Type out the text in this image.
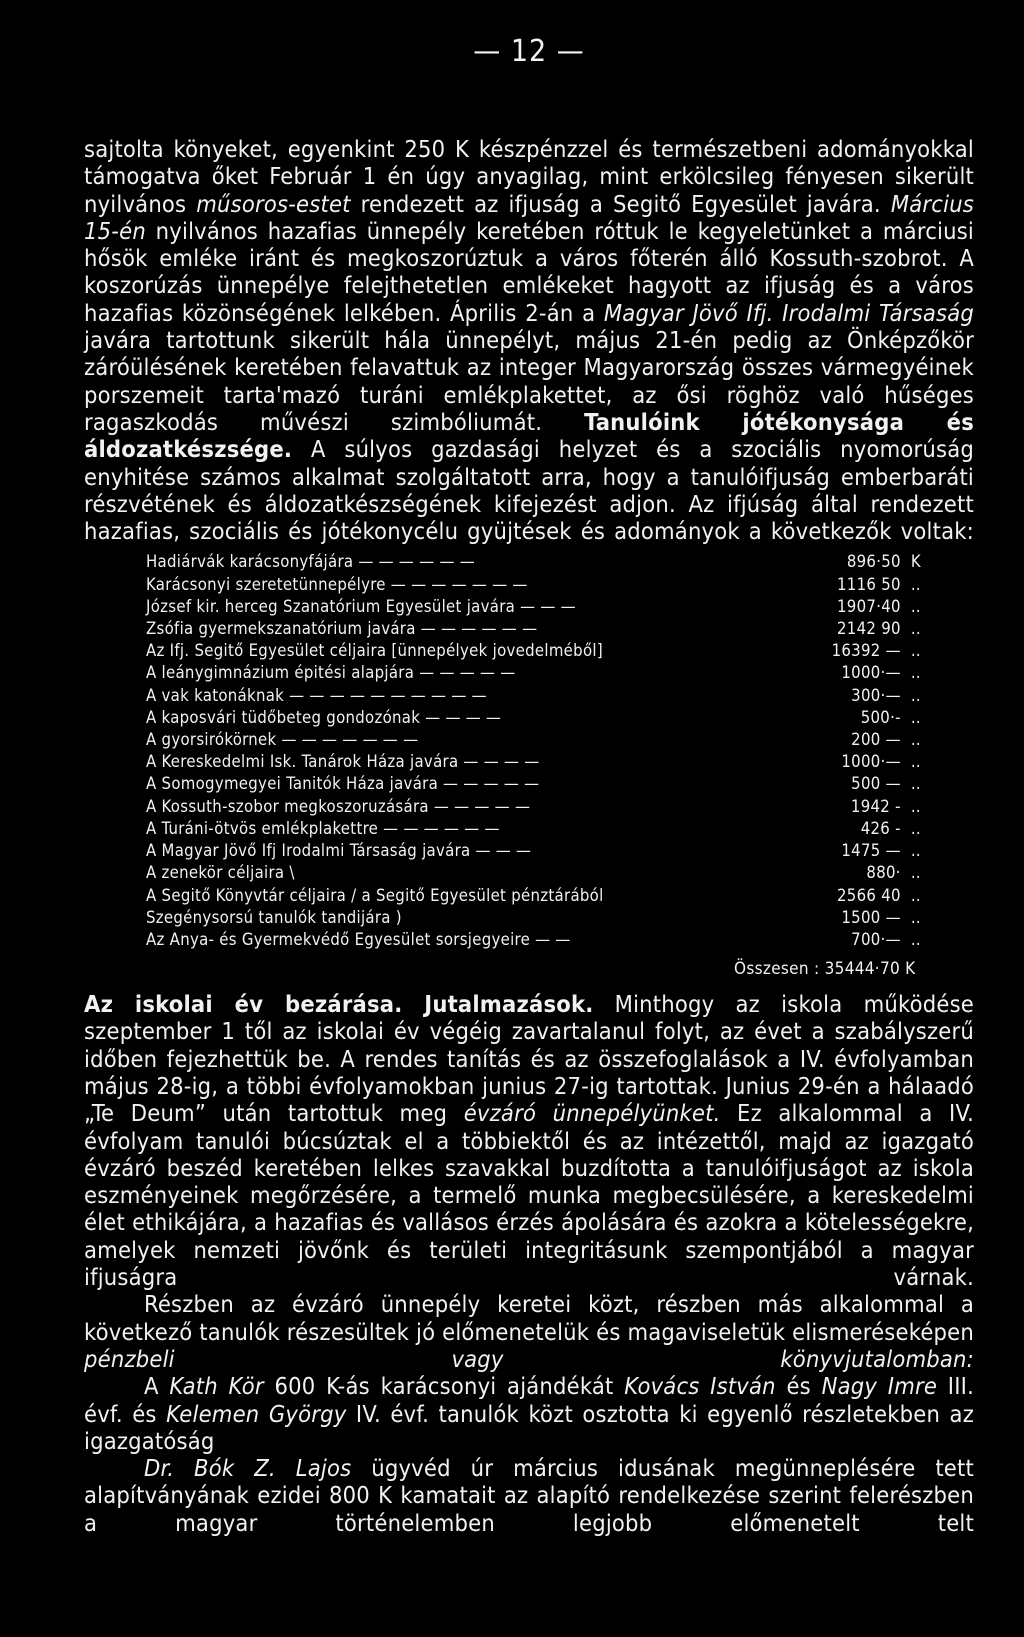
— 12 —

sajtolta könyeket, egyenkint 250 K készpénzzel és természetbeni adományokkal támogatva őket Február 1 én úgy anyagilag, mint erkölcsileg fényesen sikerült nyilvános műsoros-estet rendezett az ifjuság a Segitő Egyesület javára. Március 15-én nyilvános hazafias ünnepély keretében róttuk le kegyeletünket a márciusi hősök emléke iránt és megkoszorúztuk a város főterén álló Kossuth-szobrot. A koszorúzás ünnepélye felejthetetlen emlékeket hagyott az ifjuság és a város hazafias közönségének lelkében. Április 2-án a Magyar Jövő Ifj. Irodalmi Társaság javára tartottunk sikerült hála ünnepélyt, május 21-én pedig az Önképzőkör záróülésének keretében felavattuk az integer Magyarország összes vármegyéinek porszemeit tarta'mazó turáni emlékplakettet, az ősi röghöz való hűséges ragaszkodás művészi szimbóliumát. Tanulóink jótékonysága és áldozatkészsége. A súlyos gazdasági helyzet és a szociális nyomorúság enyhitése számos alkalmat szolgáltatott arra, hogy a tanulóifjuság emberbaráti részvétének és áldozatkészségének kifejezést adjon. Az ifjúság által rendezett hazafias, szociális és jótékonycélu gyüjtések és adományok a következők voltak:

Hadiárvák karácsonyfájára — — — — — —	896·50	K
Karácsonyi szeretetünnepélyre — — — — — — —	1116 50	..
József kir. herceg Szanatórium Egyesület javára — — —	1907·40	..
Zsófia gyermekszanatórium javára — — — — — —	2142 90	..
Az Ifj. Segitő Egyesület céljaira [ünnepélyek jovedelméből]	16392 —	..
A leánygimnázium épitési alapjára — — — — —	1000·—	..
A vak katonáknak — — — — — — — — — —	300·—	..
A kaposvári tüdőbeteg gondozónak — — — —	500·-	..
A gyorsirókörnek — — — — — — —	200 —	..
A Kereskedelmi Isk. Tanárok Háza javára — — — —	1000·—	..
A Somogymegyei Tanitók Háza javára — — — — —	500 —	..
A Kossuth-szobor megkoszoruzására — — — — —	1942 -	..
A Turáni-ötvös emlékplakettre — — — — — —	426 -	..
A Magyar Jövő Ifj Irodalmi Társaság javára — — —	1475 —	..
A zenekör céljaira \	880·	..
A Segitő Könyvtár céljaira / a Segitő Egyesület pénztárából	2566 40	..
Szegénysorsú tanulók tandijára )	1500 —	..
Az Anya- és Gyermekvédő Egyesület sorsjegyeire — —	700·—	..
Összesen : 35444·70 K

Az iskolai év bezárása. Jutalmazások. Minthogy az iskola működése szeptember 1 től az iskolai év végéig zavartalanul folyt, az évet a szabályszerű időben fejezhettük be. A rendes tanítás és az összefoglalások a IV. évfolyamban május 28-ig, a többi évfolyamokban junius 27-ig tartottak. Junius 29-én a hálaadó „Te Deum” után tartottuk meg évzáró ünnepélyünket. Ez alkalommal a IV. évfolyam tanulói búcsúztak el a többiektől és az intézettől, majd az igazgató évzáró beszéd keretében lelkes szavakkal buzdította a tanulóifjuságot az iskola eszményeinek megőrzésére, a termelő munka megbecsülésére, a kereskedelmi élet ethikájára, a hazafias és vallásos érzés ápolására és azokra a kötelességekre, amelyek nemzeti jövőnk és területi integritásunk szempontjából a magyar ifjuságra várnak.

Részben az évzáró ünnepély keretei közt, részben más alkalommal a következő tanulók részesültek jó előmenetelük és magaviseletük elismeréseképen pénzbeli vagy könyvjutalomban:

A Kath Kör 600 K-ás karácsonyi ajándékát Kovács István és Nagy Imre III. évf. és Kelemen György IV. évf. tanulók közt osztotta ki egyenlő részletekben az igazgatóság

Dr. Bók Z. Lajos ügyvéd úr március idusának megünneplésére tett alapítványának ezidei 800 K kamatait az alapító rendelkezése szerint felerészben a magyar történelemben legjobb előmenetelt telt
